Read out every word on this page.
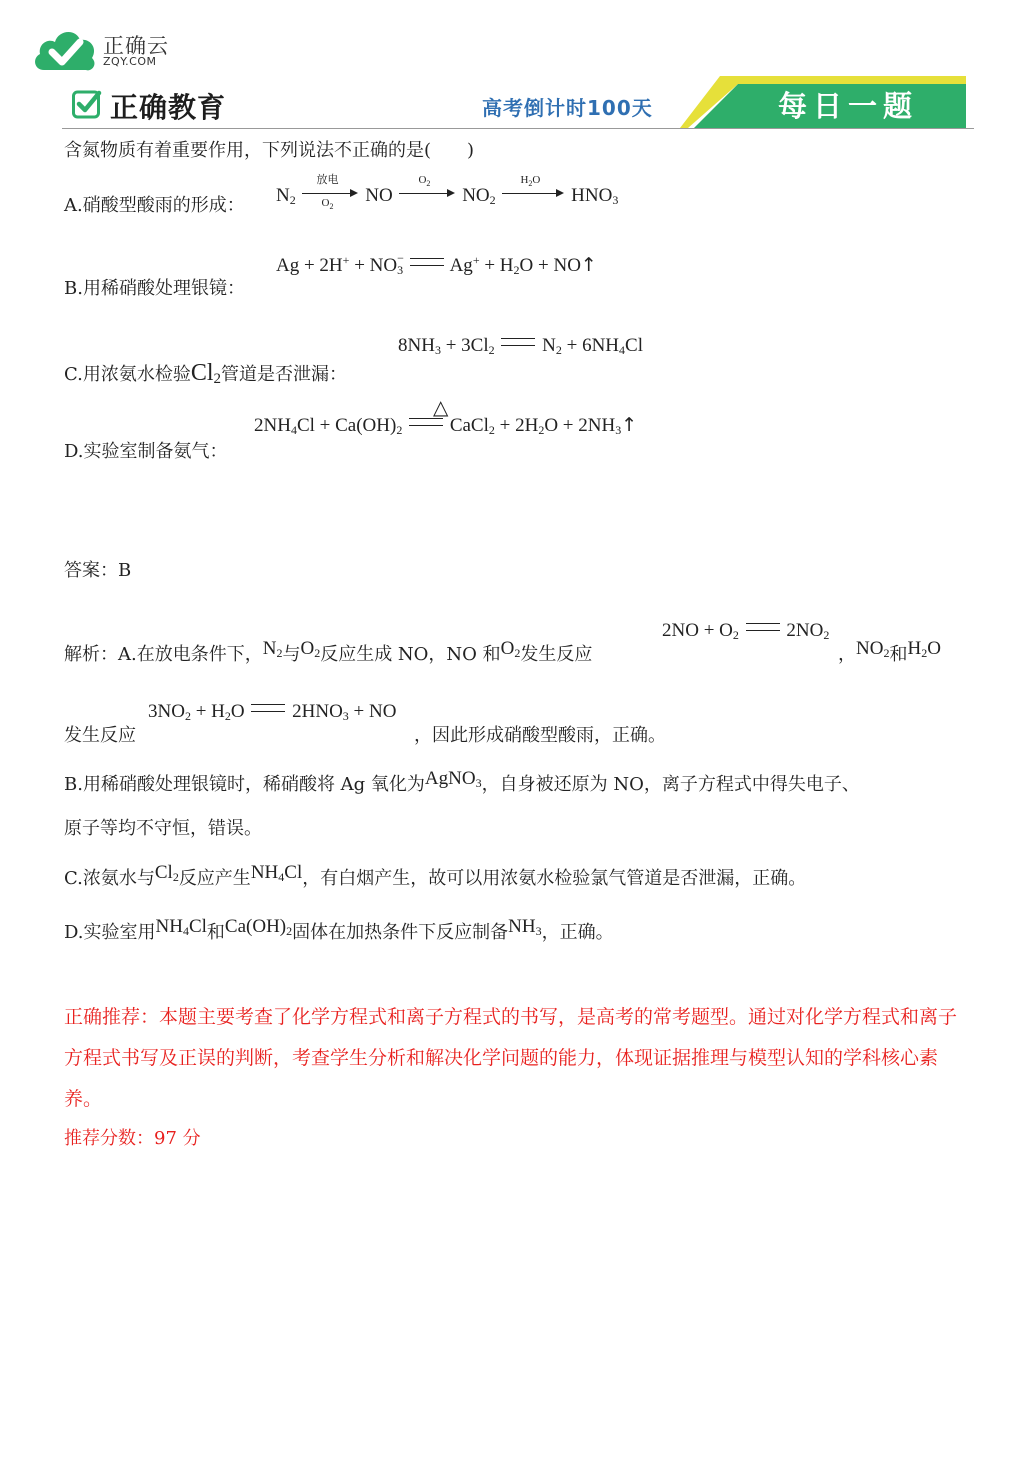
正确云
ZQY.COM
正确教育	高考倒计时100天	每日一题
含氮物质有着重要作用，下列说法不正确的是(　　)
A.硝酸型酸雨的形成： $N_2$
放电
$O_2$
NO
$O_2$
$NO_2$
$H_2O$
$HNO_3$
Ag + 2H+ + NO −
$_3$ $Ag^+ + H_2O$ + NO↑
B.用稀硝酸处理银镜：
$8NH_3 + 3Cl_2$	$N_2 + 6NH_4Cl$
C.用浓氨水检验$Cl_2$管道是否泄漏：
△
$2NH_4Cl + Ca(OH)_2$	CaCl$_2$ + $2H_2O$ + $2NH_3↑$
D.实验室制备氨气：
答案：B
$2NO + O_2$	$2NO_2$
解析：A.在放电条件下，$N_2$与$O_2$反应生成 NO，NO 和$O_2$发生反应	，$NO_2$和$H_2O$
$3NO_2 + H_2O$	$2HNO_3$ + NO
发生反应	，因此形成硝酸型酸雨，正确。
B.用稀硝酸处理银镜时，稀硝酸将 Ag 氧化为AgNO$_3$，自身被还原为 NO，离子方程式中得失电子、
原子等均不守恒，错误。
C.浓氨水与$Cl_2$反应产生$NH_4Cl$，有白烟产生，故可以用浓氨水检验氯气管道是否泄漏，正确。
D.实验室用$NH_4Cl$和$Ca(OH)_2$固体在加热条件下反应制备$NH_3$，正确。
正确推荐：本题主要考查了化学方程式和离子方程式的书写，是高考的常考题型。通过对化学方程式和离子方程式书写及正误的判断，考查学生分析和解决化学问题的能力，体现证据推理与模型认知的学科核心素养。
推荐分数：97 分
